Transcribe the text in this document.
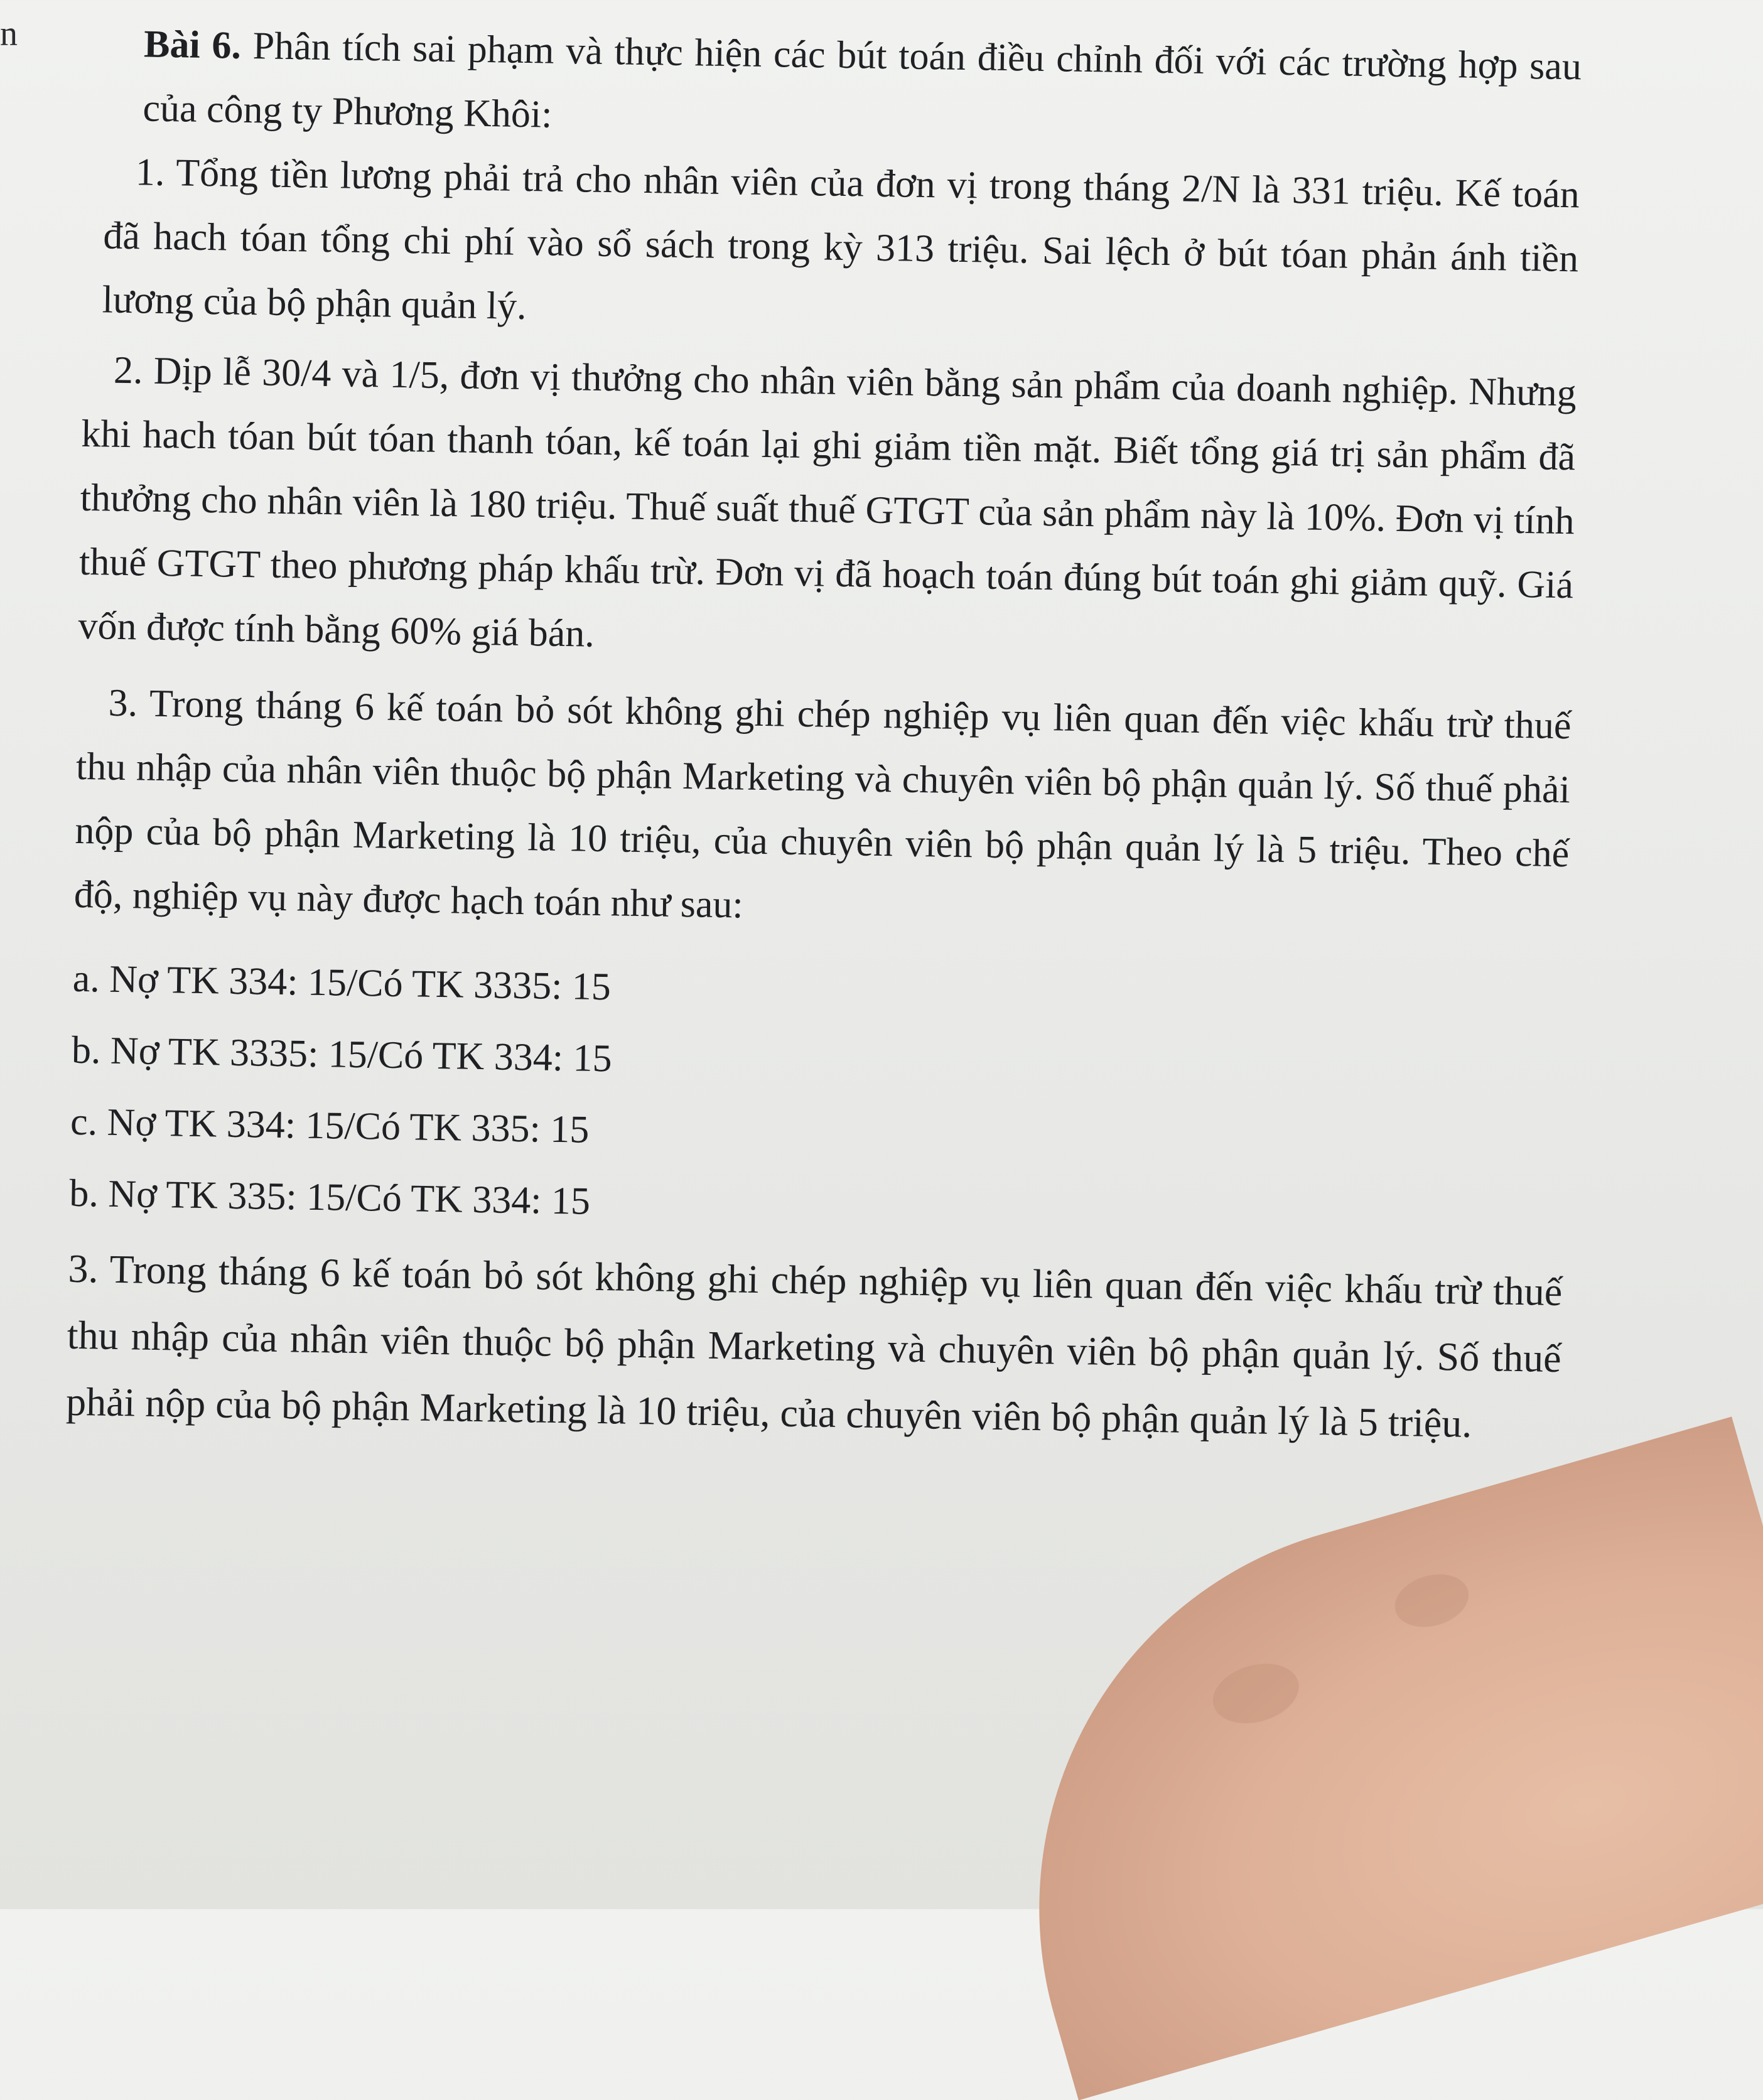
n	Bài 6. Phân tích sai phạm và thực hiện các bút toán điều chỉnh đối với các trường hợp sau của công ty Phương Khôi:

1. Tổng tiền lương phải trả cho nhân viên của đơn vị trong tháng 2/N là 331 triệu. Kế toán đã hach tóan tổng chi phí vào sổ sách trong kỳ 313 triệu. Sai lệch ở bút tóan phản ánh tiền lương của bộ phận quản lý.

2. Dịp lễ 30/4 và 1/5, đơn vị thưởng cho nhân viên bằng sản phẩm của doanh nghiệp. Nhưng khi hach tóan bút tóan thanh tóan, kế toán lại ghi giảm tiền mặt. Biết tổng giá trị sản phẩm đã thưởng cho nhân viên là 180 triệu. Thuế suất thuế GTGT của sản phẩm này là 10%. Đơn vị tính thuế GTGT theo phương pháp khấu trừ. Đơn vị đã hoạch toán đúng bút toán ghi giảm quỹ. Giá vốn được tính bằng 60% giá bán.

3. Trong tháng 6 kế toán bỏ sót không ghi chép nghiệp vụ liên quan đến việc khấu trừ thuế thu nhập của nhân viên thuộc bộ phận Marketing và chuyên viên bộ phận quản lý. Số thuế phải nộp của bộ phận Marketing là 10 triệu, của chuyên viên bộ phận quản lý là 5 triệu. Theo chế độ, nghiệp vụ này được hạch toán như sau:

a. Nợ TK 334: 15/Có TK 3335: 15

b. Nợ TK 3335: 15/Có TK 334: 15

c. Nợ TK 334: 15/Có TK 335: 15

b. Nợ TK 335: 15/Có TK 334: 15

3. Trong tháng 6 kế toán bỏ sót không ghi chép nghiệp vụ liên quan đến việc khấu trừ thuế thu nhập của nhân viên thuộc bộ phận Marketing và chuyên viên bộ phận quản lý. Số thuế phải nộp của bộ phận Marketing là 10 triệu, của chuyên viên bộ phận quản lý là 5 triệu.
